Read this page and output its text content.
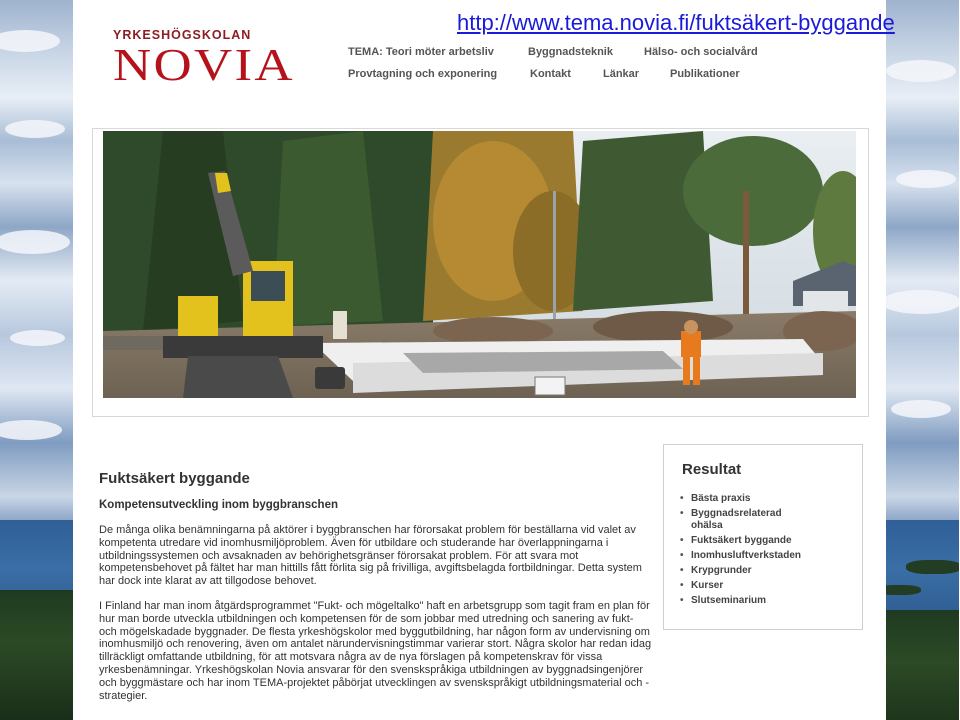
http://www.tema.novia.fi/fuktsäkert-byggande
YRKESHÖGSKOLAN
NOVIA	TEMA: Teori möter arbetsliv	Byggnadsteknik	Hälso- och socialvård
Provtagning och exponering	Kontakt	Länkar	Publikationer
Fuktsäkert byggande
Kompetensutveckling inom byggbranschen
De många olika benämningarna på aktörer i byggbranschen har förorsakat problem för beställarna vid valet av kompetenta utredare vid inomhusmiljöproblem. Även för utbildare och studerande har överlappningarna i utbildningssystemen och avsaknaden av behörighetsgränser förorsakat problem. För att svara mot kompetensbehovet på fältet har man hittills fått förlita sig på frivilliga, avgiftsbelagda fortbildningar. Detta system har dock inte klarat av att tillgodose behovet.
I Finland har man inom åtgärdsprogrammet "Fukt- och mögeltalko" haft en arbetsgrupp som tagit fram en plan för hur man borde utveckla utbildningen och kompetensen för de som jobbar med utredning och sanering av fukt- och mögelskadade byggnader. De flesta yrkeshögskolor med byggutbildning, har någon form av undervisning om inomhusmiljö och renovering, även om antalet närundervisningstimmar varierar stort. Några skolor har redan idag tillräckligt omfattande utbildning, för att motsvara några av de nya förslagen på kompetenskrav för vissa yrkesbenämningar. Yrkeshögskolan Novia ansvarar för den svenskspråkiga utbildningen av byggnadsingenjörer och byggmästare och har inom TEMA-projektet påbörjat utvecklingen av svenskspråkigt utbildningsmaterial och -strategier.
Resultat
• Bästa praxis
• Byggnadsrelaterad ohälsa
• Fuktsäkert byggande
• Inomhusluftverkstaden
• Krypgrunder
• Kurser
• Slutseminarium
